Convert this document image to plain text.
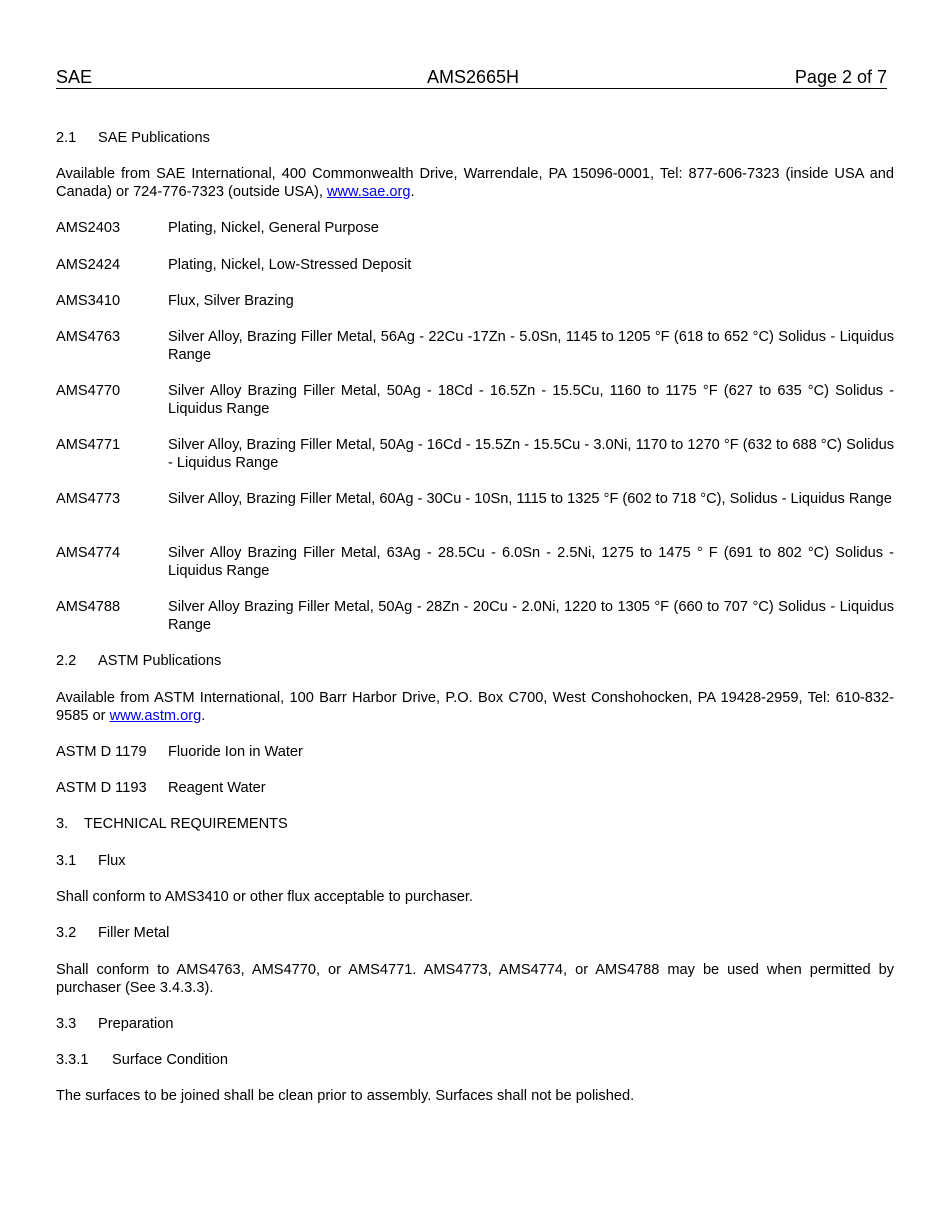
SAE	AMS2665H	Page 2 of 7
2.1 SAE Publications
Available from SAE International, 400 Commonwealth Drive, Warrendale, PA 15096-0001, Tel: 877-606-7323 (inside USA and Canada) or 724-776-7323 (outside USA), www.sae.org.
AMS2403	Plating, Nickel, General Purpose
AMS2424	Plating, Nickel, Low-Stressed Deposit
AMS3410	Flux, Silver Brazing
AMS4763	Silver Alloy, Brazing Filler Metal, 56Ag - 22Cu -17Zn - 5.0Sn, 1145 to 1205 °F (618 to 652 °C) Solidus - Liquidus Range
AMS4770	Silver Alloy Brazing Filler Metal, 50Ag - 18Cd - 16.5Zn - 15.5Cu, 1160 to 1175 °F (627 to 635 °C) Solidus - Liquidus Range
AMS4771	Silver Alloy, Brazing Filler Metal, 50Ag - 16Cd - 15.5Zn - 15.5Cu - 3.0Ni, 1170 to 1270 °F (632 to 688 °C) Solidus - Liquidus Range
AMS4773	Silver Alloy, Brazing Filler Metal, 60Ag - 30Cu - 10Sn, 1115 to 1325 °F (602 to 718 °C), Solidus - Liquidus Range
AMS4774	Silver Alloy Brazing Filler Metal, 63Ag - 28.5Cu - 6.0Sn - 2.5Ni, 1275 to 1475 ° F (691 to 802 °C) Solidus - Liquidus Range
AMS4788	Silver Alloy Brazing Filler Metal, 50Ag - 28Zn - 20Cu - 2.0Ni, 1220 to 1305 °F (660 to 707 °C) Solidus - Liquidus Range
2.2 ASTM Publications
Available from ASTM International, 100 Barr Harbor Drive, P.O. Box C700, West Conshohocken, PA 19428-2959, Tel: 610-832-9585 or www.astm.org.
ASTM D 1179	Fluoride Ion in Water
ASTM D 1193	Reagent Water
3. TECHNICAL REQUIREMENTS
3.1 Flux
Shall conform to AMS3410 or other flux acceptable to purchaser.
3.2 Filler Metal
Shall conform to AMS4763, AMS4770, or AMS4771. AMS4773, AMS4774, or AMS4788 may be used when permitted by purchaser (See 3.4.3.3).
3.3 Preparation
3.3.1 Surface Condition
The surfaces to be joined shall be clean prior to assembly. Surfaces shall not be polished.
